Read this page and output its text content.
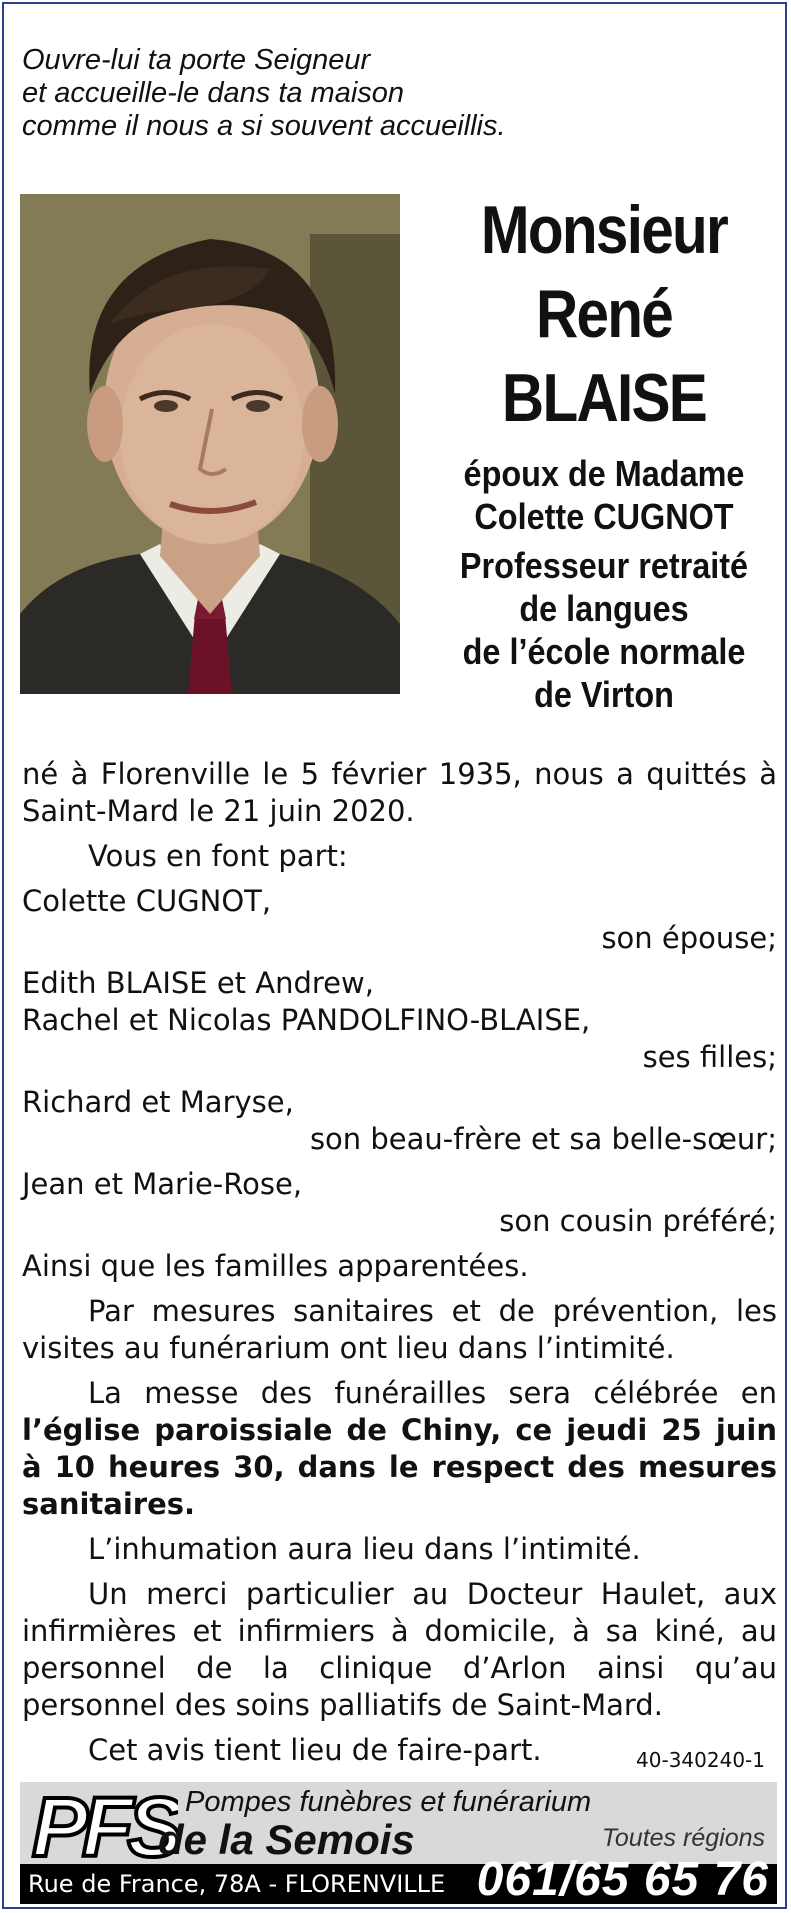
Ouvre-lui ta porte Seigneur
et accueille-le dans ta maison
comme il nous a si souvent accueillis.
Monsieur
René
BLAISE
époux de Madame
Colette CUGNOT
Professeur retraité
de langues
de l’école normale
de Virton

né à Florenville le 5 février 1935, nous a quittés à Saint-Mard le 21 juin 2020.

Vous en font part:

Colette CUGNOT,

son épouse;

Edith BLAISE et Andrew,

Rachel et Nicolas PANDOLFINO-BLAISE,

ses filles;

Richard et Maryse,

son beau-frère et sa belle-sœur;

Jean et Marie-Rose,

son cousin préféré;

Ainsi que les familles apparentées.

Par mesures sanitaires et de prévention, les visites au funérarium ont lieu dans l’intimité.

La messe des funérailles sera célébrée en l’église paroissiale de Chiny, ce jeudi 25 juin à 10 heures 30, dans le respect des mesures sanitaires.

L’inhumation aura lieu dans l’intimité.

Un merci particulier au Docteur Haulet, aux infirmières et infirmiers à domicile, à sa kiné, au personnel de la clinique d’Arlon ainsi qu’au personnel des soins palliatifs de Saint-Mard.

Cet avis tient lieu de faire-part.	40-340240-1
PFS Pompes funèbres et funérarium
de la Semois	Toutes régions
Rue de France, 78A - FLORENVILLE 061/65 65 76
